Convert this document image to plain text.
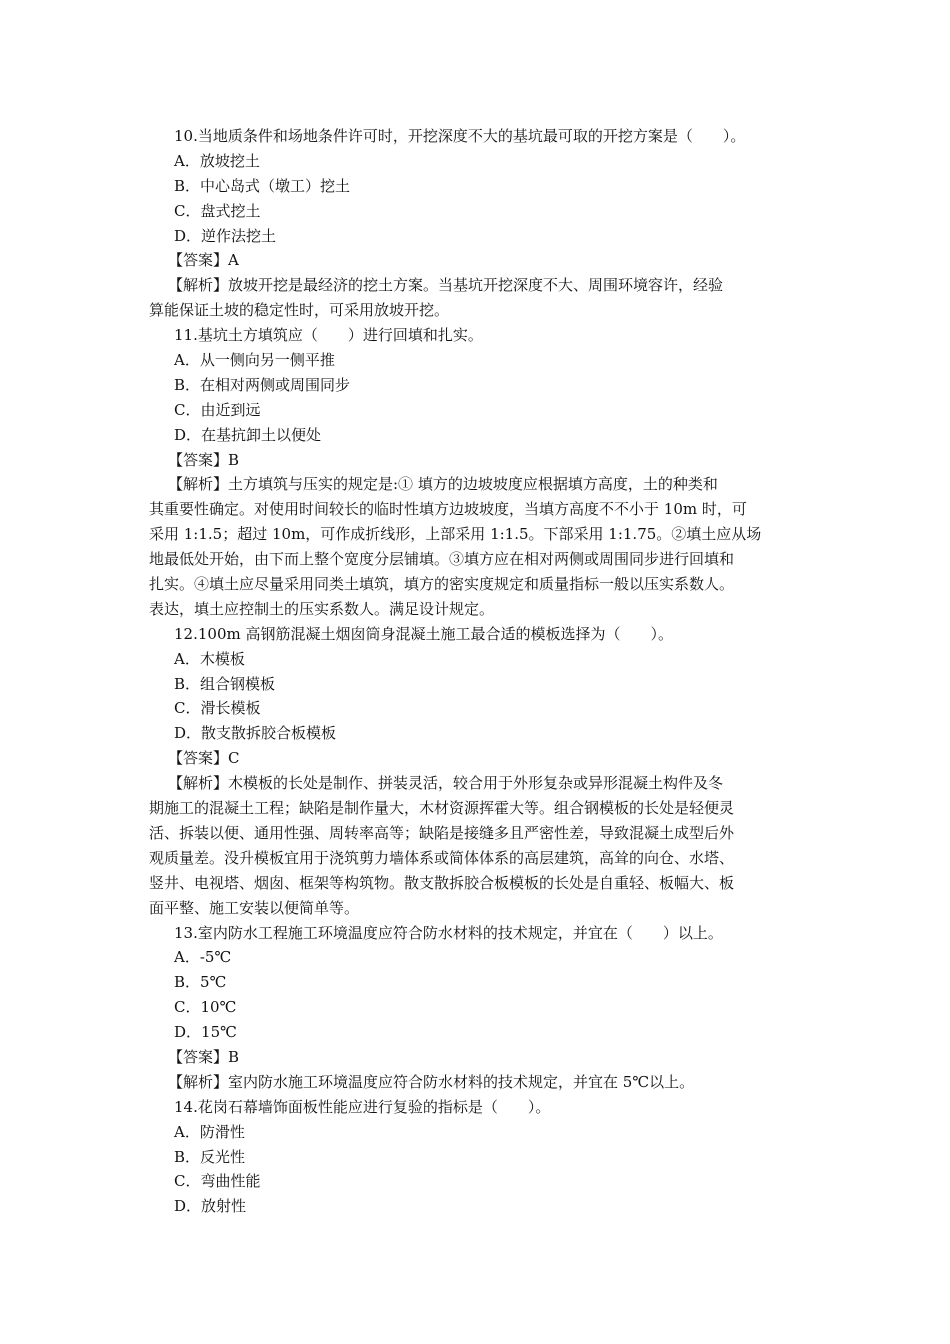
10.当地质条件和场地条件许可时，开挖深度不大的基坑最可取的开挖方案是（　　）。
A．放坡挖土
B．中心岛式（墩工）挖土
C．盘式挖土
D．逆作法挖土
【答案】A
【解析】放坡开挖是最经济的挖土方案。当基坑开挖深度不大、周围环境容许，经验
算能保证土坡的稳定性时，可采用放坡开挖。
11.基坑土方填筑应（　　）进行回填和扎实。
A．从一侧向另一侧平推
B．在相对两侧或周围同步
C．由近到远
D．在基抗卸土以便处
【答案】B
【解析】土方填筑与压实的规定是:① 填方的边坡坡度应根据填方高度，土的种类和
其重要性确定。对使用时间较长的临时性填方边坡坡度，当填方高度不不小于 10m 时，可
采用 1:1.5；超过 10m，可作成折线形，上部采用 1:1.5。下部采用 1:1.75。②填土应从场
地最低处开始，由下而上整个宽度分层铺填。③填方应在相对两侧或周围同步进行回填和
扎实。④填土应尽量采用同类土填筑，填方的密实度规定和质量指标一般以压实系数人。
表达，填土应控制土的压实系数人。满足设计规定。
12.100m 高钢筋混凝土烟囱筒身混凝土施工最合适的模板选择为（　　）。
A．木模板
B．组合钢模板
C．滑长模板
D．散支散拆胶合板模板
【答案】C
【解析】木模板的长处是制作、拼装灵活，较合用于外形复杂或异形混凝土构件及冬
期施工的混凝土工程；缺陷是制作量大，木材资源挥霍大等。组合钢模板的长处是轻便灵
活、拆装以便、通用性强、周转率高等；缺陷是接缝多且严密性差，导致混凝土成型后外
观质量差。没升模板宜用于浇筑剪力墙体系或简体体系的高层建筑，高耸的向仓、水塔、
竖井、电视塔、烟囱、框架等构筑物。散支散拆胶合板模板的长处是自重轻、板幅大、板
面平整、施工安装以便简单等。
13.室内防水工程施工环境温度应符合防水材料的技术规定，并宜在（　　）以上。
A．-5℃
B．5℃
C．10℃
D．15℃
【答案】B
【解析】室内防水施工环境温度应符合防水材料的技术规定，并宜在 5℃以上。
14.花岗石幕墙饰面板性能应进行复验的指标是（　　）。
A．防滑性
B．反光性
C．弯曲性能
D．放射性
